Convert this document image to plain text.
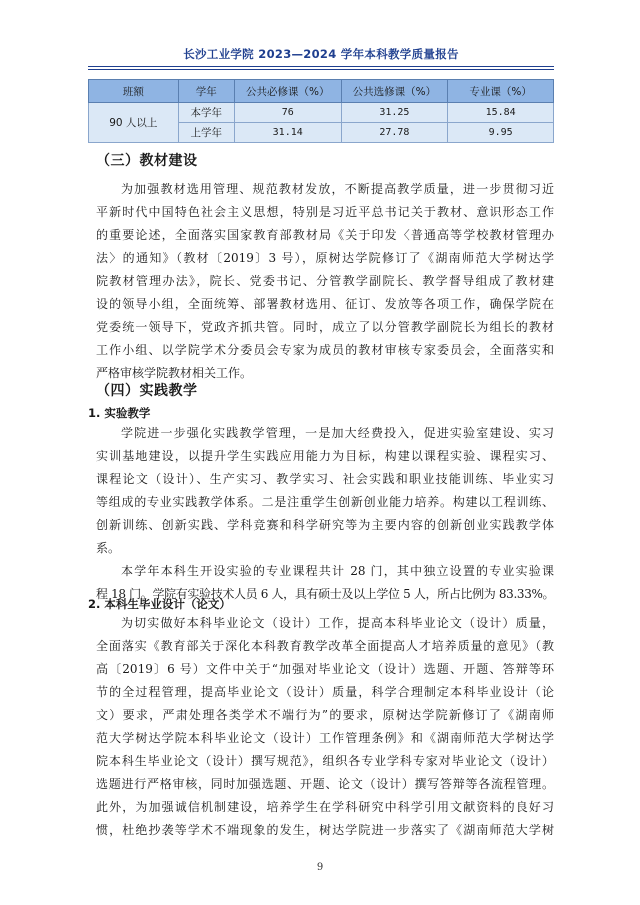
长沙工业学院 2023—2024 学年本科教学质量报告
班额	学年	公共必修课（%）	公共选修课（%）	专业课（%）
90 人以上	本学年	76	31.25	15.84
	上学年	31.14	27.78	9.95
（三）教材建设
为加强教材选用管理、规范教材发放，不断提高教学质量，进一步贯彻习近
平新时代中国特色社会主义思想，特别是习近平总书记关于教材、意识形态工作
的重要论述，全面落实国家教育部教材局《关于印发〈普通高等学校教材管理办
法〉的通知》（教材〔2019〕3 号），原树达学院修订了《湖南师范大学树达学
院教材管理办法》，院长、党委书记、分管教学副院长、教学督导组成了教材建
设的领导小组，全面统筹、部署教材选用、征订、发放等各项工作，确保学院在
党委统一领导下，党政齐抓共管。同时，成立了以分管教学副院长为组长的教材
工作小组、以学院学术分委员会专家为成员的教材审核专家委员会，全面落实和
严格审核学院教材相关工作。
（四）实践教学
1. 实验教学
学院进一步强化实践教学管理，一是加大经费投入，促进实验室建设、实习
实训基地建设，以提升学生实践应用能力为目标，构建以课程实验、课程实习、
课程论文（设计）、生产实习、教学实习、社会实践和职业技能训练、毕业实习
等组成的专业实践教学体系。二是注重学生创新创业能力培养。构建以工程训练、
创新训练、创新实践、学科竞赛和科学研究等为主要内容的创新创业实践教学体
系。
本学年本科生开设实验的专业课程共计 28 门，其中独立设置的专业实验课
程 18 门。学院有实验技术人员 6 人，具有硕士及以上学位 5 人，所占比例为 83.33%。
2. 本科生毕业设计（论文）
为切实做好本科毕业论文（设计）工作，提高本科毕业论文（设计）质量，
全面落实《教育部关于深化本科教育教学改革全面提高人才培养质量的意见》（教
高〔2019〕6 号）文件中关于“加强对毕业论文（设计）选题、开题、答辩等环
节的全过程管理，提高毕业论文（设计）质量，科学合理制定本科毕业设计（论
文）要求，严肃处理各类学术不端行为”的要求，原树达学院新修订了《湖南师
范大学树达学院本科毕业论文（设计）工作管理条例》和《湖南师范大学树达学
院本科生毕业论文（设计）撰写规范》，组织各专业学科专家对毕业论文（设计）
选题进行严格审核，同时加强选题、开题、论文（设计）撰写答辩等各流程管理。
此外，为加强诚信机制建设，培养学生在学科研究中科学引用文献资料的良好习
惯，杜绝抄袭等学术不端现象的发生，树达学院进一步落实了《湖南师范大学树
9
